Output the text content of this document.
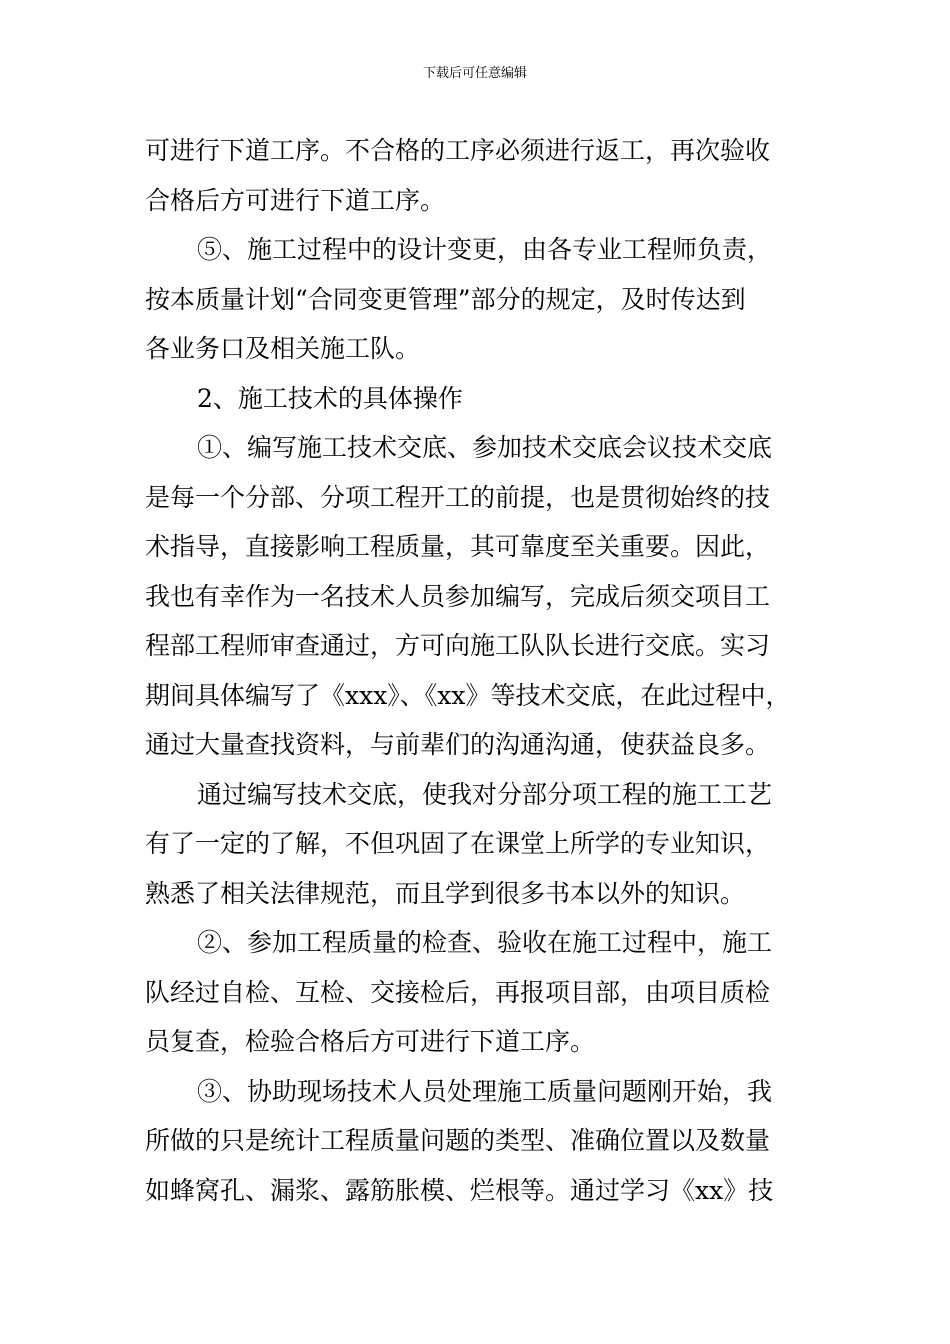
下载后可任意编辑
可进行下道工序。不合格的工序必须进行返工，再次验收
合格后方可进行下道工序。
⑤、施工过程中的设计变更，由各专业工程师负责，
按本质量计划“合同变更管理”部分的规定，及时传达到
各业务口及相关施工队。
2、施工技术的具体操作
①、编写施工技术交底、参加技术交底会议技术交底
是每一个分部、分项工程开工的前提，也是贯彻始终的技
术指导，直接影响工程质量，其可靠度至关重要。因此，
我也有幸作为一名技术人员参加编写，完成后须交项目工
程部工程师审查通过，方可向施工队队长进行交底。实习
期间具体编写了《xxx》、《xx》等技术交底，在此过程中，
通过大量查找资料，与前辈们的沟通沟通，使获益良多。
通过编写技术交底，使我对分部分项工程的施工工艺
有了一定的了解，不但巩固了在课堂上所学的专业知识，
熟悉了相关法律规范，而且学到很多书本以外的知识。
②、参加工程质量的检查、验收在施工过程中，施工
队经过自检、互检、交接检后，再报项目部，由项目质检
员复查，检验合格后方可进行下道工序。
③、协助现场技术人员处理施工质量问题刚开始，我
所做的只是统计工程质量问题的类型、准确位置以及数量
如蜂窝孔、漏浆、露筋胀模、烂根等。通过学习《xx》技
